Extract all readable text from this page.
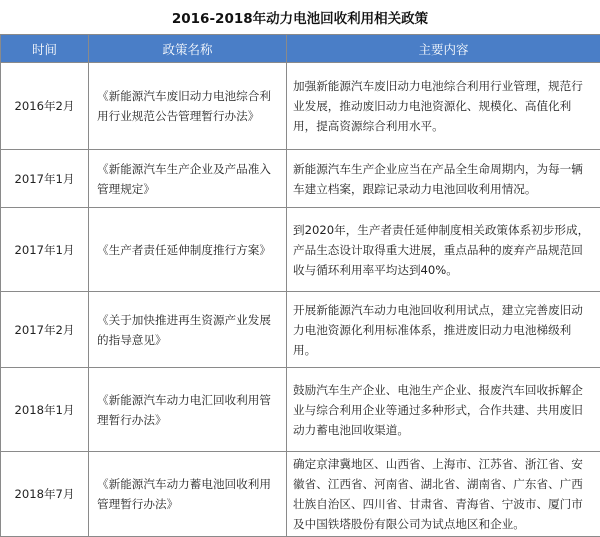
2016-2018年动力电池回收利用相关政策
时间	政策名称	主要内容
2016年2月	《新能源汽车废旧动力电池综合利用行业规范公告管理暂行办法》	加强新能源汽车废旧动力电池综合利用行业管理，规范行业发展，推动废旧动力电池资源化、规模化、高值化利用，提高资源综合利用水平。
2017年1月	《新能源汽车生产企业及产品准入管理规定》	新能源汽车生产企业应当在产品全生命周期内，为每一辆车建立档案，跟踪记录动力电池回收利用情况。
2017年1月	《生产者责任延伸制度推行方案》	到2020年，生产者责任延伸制度相关政策体系初步形成，产品生态设计取得重大进展，重点品种的废弃产品规范回收与循环利用率平均达到40%。
2017年2月	《关于加快推进再生资源产业发展的指导意见》	开展新能源汽车动力电池回收利用试点，建立完善废旧动力电池资源化利用标准体系，推进废旧动力电池梯级利用。
2018年1月	《新能源汽车动力电汇回收利用管理暂行办法》	鼓励汽车生产企业、电池生产企业、报废汽车回收拆解企业与综合利用企业等通过多种形式，合作共建、共用废旧动力蓄电池回收渠道。
2018年7月	《新能源汽车动力蓄电池回收利用管理暂行办法》	确定京津冀地区、山西省、上海市、江苏省、浙江省、安徽省、江西省、河南省、湖北省、湖南省、广东省、广西壮族自治区、四川省、甘肃省、青海省、宁波市、厦门市及中国铁塔股份有限公司为试点地区和企业。
